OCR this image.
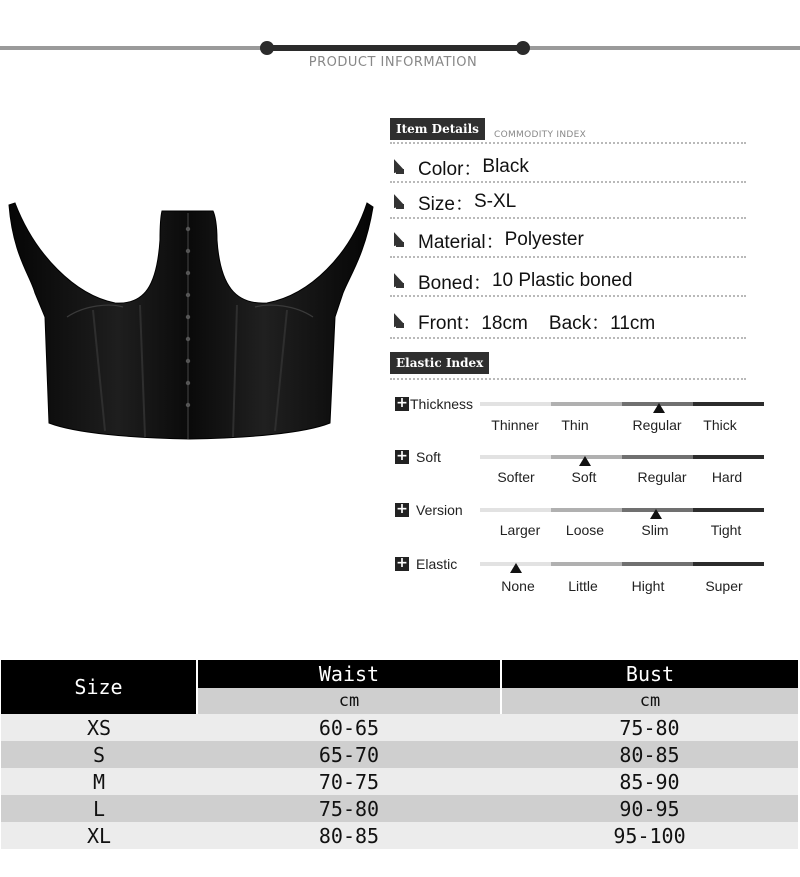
PRODUCT INFORMATION
Item Details	COMMODITY INDEX
Color： Black
Size： S-XL
Material： Polyester
Boned： 10 Plastic boned
Front： 18cm    Back：11cm
Elastic Index
+ Thickness
Thinner	Thin	Regular	Thick
+ Soft
Softer	Soft	Regular	Hard
+ Version
Larger	Loose	Slim	Tight
+ Elastic
None	Little	Hight	Super
Size	Waist	Bust
	cm	cm
XS	60-65	75-80
S	65-70	80-85
M	70-75	85-90
L	75-80	90-95
XL	80-85	95-100
